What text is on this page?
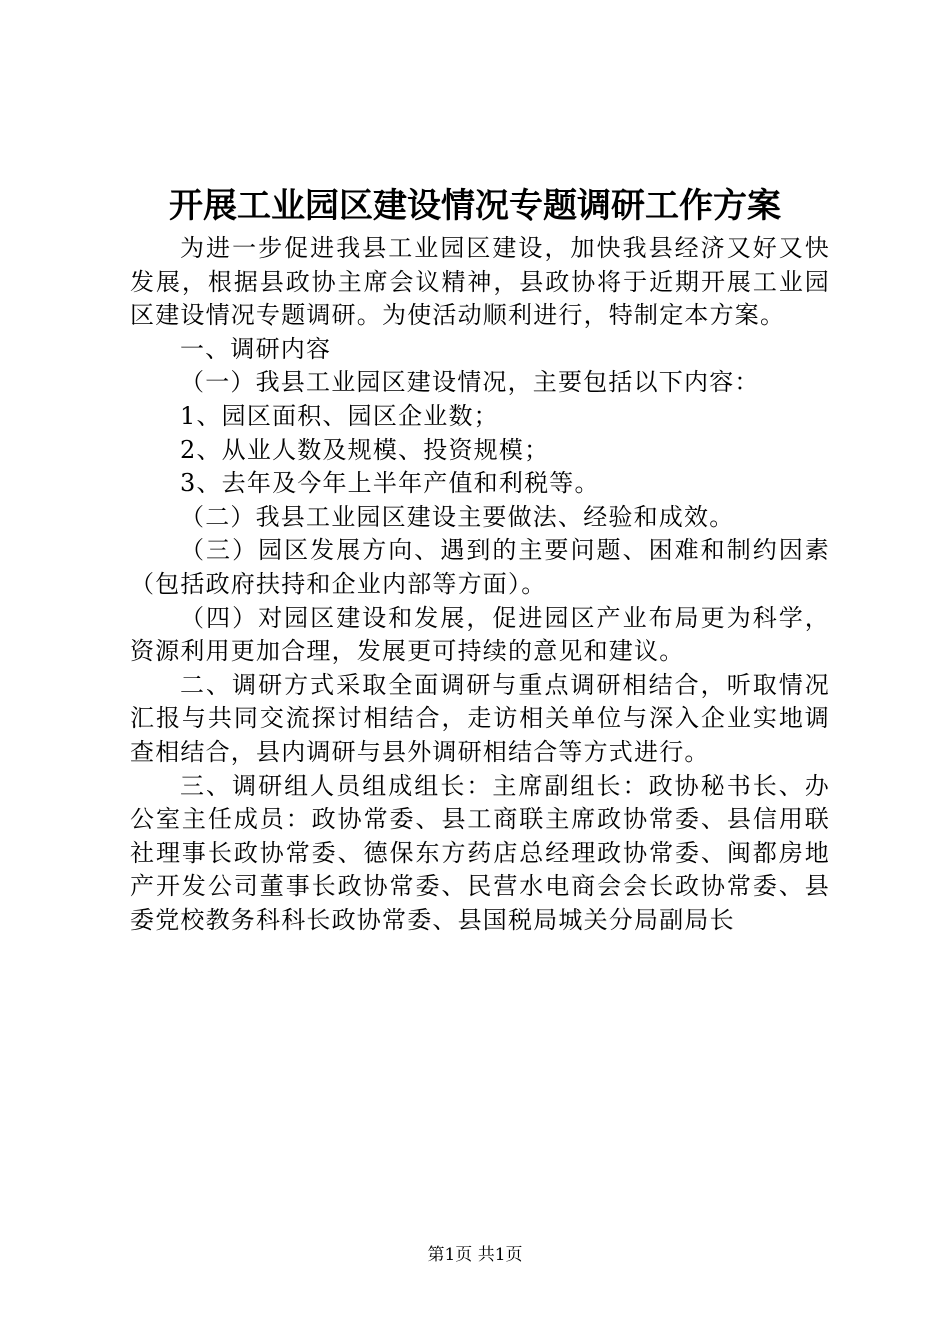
开展工业园区建设情况专题调研工作方案

为进一步促进我县工业园区建设，加快我县经济又好又快发展，根据县政协主席会议精神，县政协将于近期开展工业园区建设情况专题调研。为使活动顺利进行，特制定本方案。

一、调研内容

（一）我县工业园区建设情况，主要包括以下内容：

1、园区面积、园区企业数；

2、从业人数及规模、投资规模；

3、去年及今年上半年产值和利税等。

（二）我县工业园区建设主要做法、经验和成效。

（三）园区发展方向、遇到的主要问题、困难和制约因素（包括政府扶持和企业内部等方面）。

（四）对园区建设和发展，促进园区产业布局更为科学，资源利用更加合理，发展更可持续的意见和建议。

二、调研方式采取全面调研与重点调研相结合，听取情况汇报与共同交流探讨相结合，走访相关单位与深入企业实地调查相结合，县内调研与县外调研相结合等方式进行。

三、调研组人员组成组长：主席副组长：政协秘书长、办公室主任成员：政协常委、县工商联主席政协常委、县信用联社理事长政协常委、德保东方药店总经理政协常委、闽都房地产开发公司董事长政协常委、民营水电商会会长政协常委、县委党校教务科科长政协常委、县国税局城关分局副局长

第1页 共1页
